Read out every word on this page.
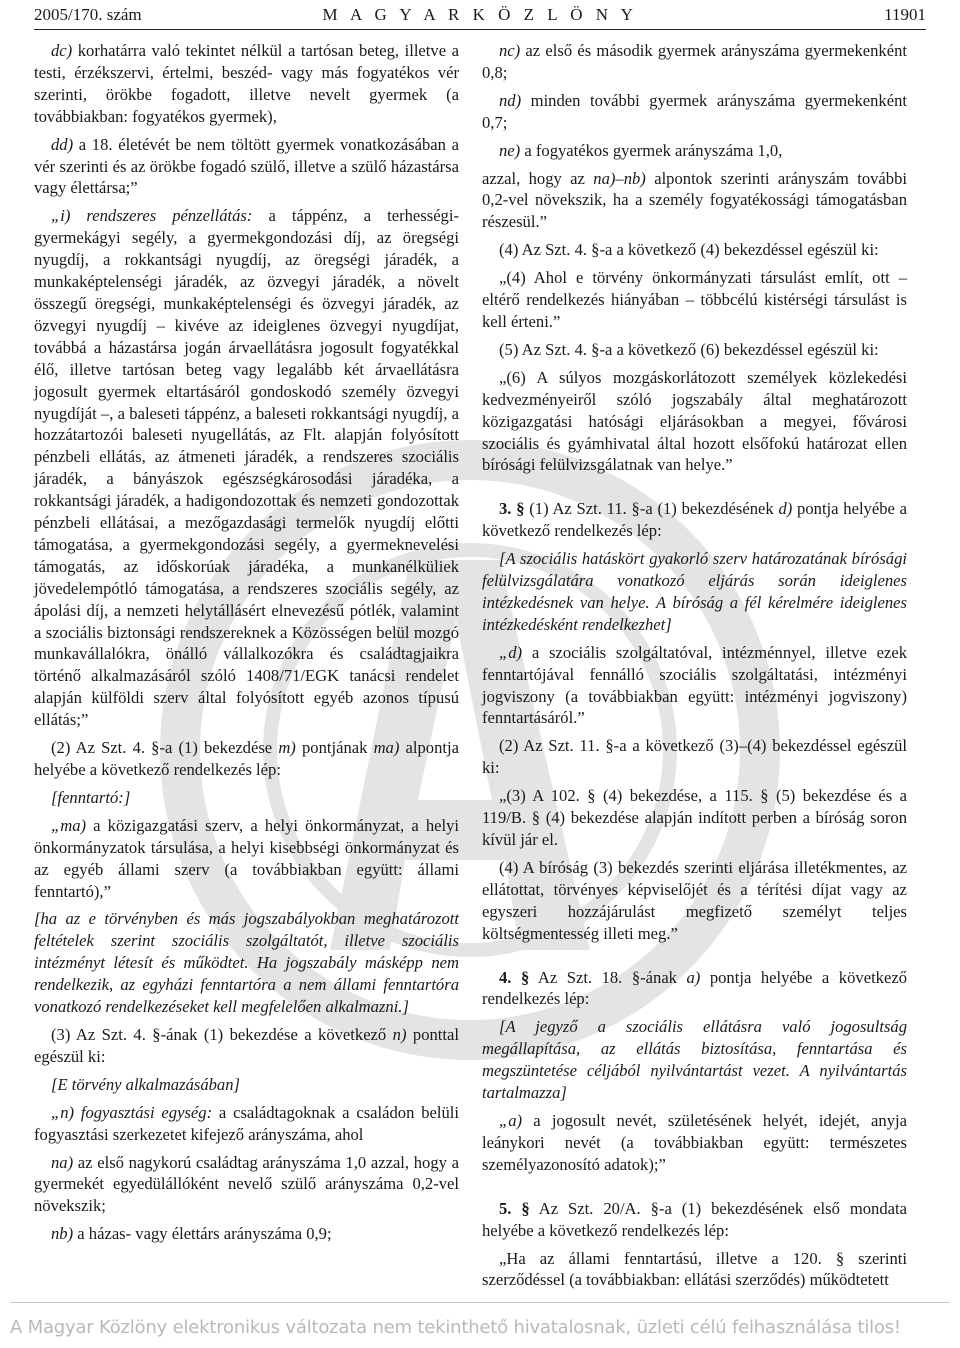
2005/170. szám	M A G Y A R K Ö Z L Ö N Y	11901

dc) korhatárra való tekintet nélkül a tartósan beteg, illetve a testi, érzékszervi, értelmi, beszéd- vagy más fogyatékos vér szerinti, örökbe fogadott, illetve nevelt gyermek (a továbbiakban: fogyatékos gyermek),

dd) a 18. életévét be nem töltött gyermek vonatkozásában a vér szerinti és az örökbe fogadó szülő, illetve a szülő házastársa vagy élettársa;”

„i) rendszeres pénzellátás: a táppénz, a terhességi-gyermekágyi segély, a gyermekgondozási díj, az öregségi nyugdíj, a rokkantsági nyugdíj, az öregségi járadék, a munkaképtelenségi járadék, az özvegyi járadék, a növelt összegű öregségi, munkaképtelenségi és özvegyi járadék, az özvegyi nyugdíj – kivéve az ideiglenes özvegyi nyugdíjat, továbbá a házastársa jogán árvaellátásra jogosult fogyatékkal élő, illetve tartósan beteg vagy legalább két árvaellátásra jogosult gyermek eltartásáról gondoskodó személy özvegyi nyugdíját –, a baleseti táppénz, a baleseti rokkantsági nyugdíj, a hozzátartozói baleseti nyugellátás, az Flt. alapján folyósított pénzbeli ellátás, az átmeneti járadék, a rendszeres szociális járadék, a bányászok egészségkárosodási járadéka, a rokkantsági járadék, a hadigondozottak és nemzeti gondozottak pénzbeli ellátásai, a mezőgazdasági termelők nyugdíj előtti támogatása, a gyermekgondozási segély, a gyermeknevelési támogatás, az időskorúak járadéka, a munkanélküliek jövedelempótló támogatása, a rendszeres szociális segély, az ápolási díj, a nemzeti helytállásért elnevezésű pótlék, valamint a szociális biztonsági rendszereknek a Közösségen belül mozgó munkavállalókra, önálló vállalkozókra és családtagjaikra történő alkalmazásáról szóló 1408/71/EGK tanácsi rendelet alapján külföldi szerv által folyósított egyéb azonos típusú ellátás;”

(2) Az Szt. 4. §-a (1) bekezdése m) pontjának ma) alpontja helyébe a következő rendelkezés lép:

[fenntartó:]

„ma) a közigazgatási szerv, a helyi önkormányzat, a helyi önkormányzatok társulása, a helyi kisebbségi önkormányzat és az egyéb állami szerv (a továbbiakban együtt: állami fenntartó),”

[ha az e törvényben és más jogszabályokban meghatározott feltételek szerint szociális szolgáltatót, illetve szociális intézményt létesít és működtet. Ha jogszabály másképp nem rendelkezik, az egyházi fenntartóra a nem állami fenntartóra vonatkozó rendelkezéseket kell megfelelően alkalmazni.]

(3) Az Szt. 4. §-ának (1) bekezdése a következő n) ponttal egészül ki:

[E törvény alkalmazásában]

„n) fogyasztási egység: a családtagoknak a családon belüli fogyasztási szerkezetet kifejező arányszáma, ahol

na) az első nagykorú családtag arányszáma 1,0 azzal, hogy a gyermekét egyedülállóként nevelő szülő arányszáma 0,2-vel növekszik;

nb) a házas- vagy élettárs arányszáma 0,9;

nc) az első és második gyermek arányszáma gyermekenként 0,8;

nd) minden további gyermek arányszáma gyermekenként 0,7;

ne) a fogyatékos gyermek arányszáma 1,0,

azzal, hogy az na)–nb) alpontok szerinti arányszám további 0,2-vel növekszik, ha a személy fogyatékossági támogatásban részesül.”

(4) Az Szt. 4. §-a a következő (4) bekezdéssel egészül ki:

„(4) Ahol e törvény önkormányzati társulást említ, ott – eltérő rendelkezés hiányában – többcélú kistérségi társulást is kell érteni.”

(5) Az Szt. 4. §-a a következő (6) bekezdéssel egészül ki:

„(6) A súlyos mozgáskorlátozott személyek közlekedési kedvezményeiről szóló jogszabály által meghatározott közigazgatási hatósági eljárásokban a megyei, fővárosi szociális és gyámhivatal által hozott elsőfokú határozat ellen bírósági felülvizsgálatnak van helye.”

3. § (1) Az Szt. 11. §-a (1) bekezdésének d) pontja helyébe a következő rendelkezés lép:

[A szociális hatáskört gyakorló szerv határozatának bírósági felülvizsgálatára vonatkozó eljárás során ideiglenes intézkedésnek van helye. A bíróság a fél kérelmére ideiglenes intézkedésként rendelkezhet]

„d) a szociális szolgáltatóval, intézménnyel, illetve ezek fenntartójával fennálló szociális szolgáltatási, intézményi jogviszony (a továbbiakban együtt: intézményi jogviszony) fenntartásáról.”

(2) Az Szt. 11. §-a a következő (3)–(4) bekezdéssel egészül ki:

„(3) A 102. § (4) bekezdése, a 115. § (5) bekezdése és a 119/B. § (4) bekezdése alapján indított perben a bíróság soron kívül jár el.

(4) A bíróság (3) bekezdés szerinti eljárása illetékmentes, az ellátottat, törvényes képviselőjét és a térítési díjat vagy az egyszeri hozzájárulást megfizető személyt teljes költségmentesség illeti meg.”

4. § Az Szt. 18. §-ának a) pontja helyébe a következő rendelkezés lép:

[A jegyző a szociális ellátásra való jogosultság megállapítása, az ellátás biztosítása, fenntartása és megszüntetése céljából nyilvántartást vezet. A nyilvántartás tartalmazza]

„a) a jogosult nevét, születésének helyét, idejét, anyja leánykori nevét (a továbbiakban együtt: természetes személyazonosító adatok);”

5. § Az Szt. 20/A. §-a (1) bekezdésének első mondata helyébe a következő rendelkezés lép:

„Ha az állami fenntartású, illetve a 120. § szerinti szerződéssel (a továbbiakban: ellátási szerződés) működtetett

A Magyar Közlöny elektronikus változata nem tekinthető hivatalosnak, üzleti célú felhasználása tilos!
